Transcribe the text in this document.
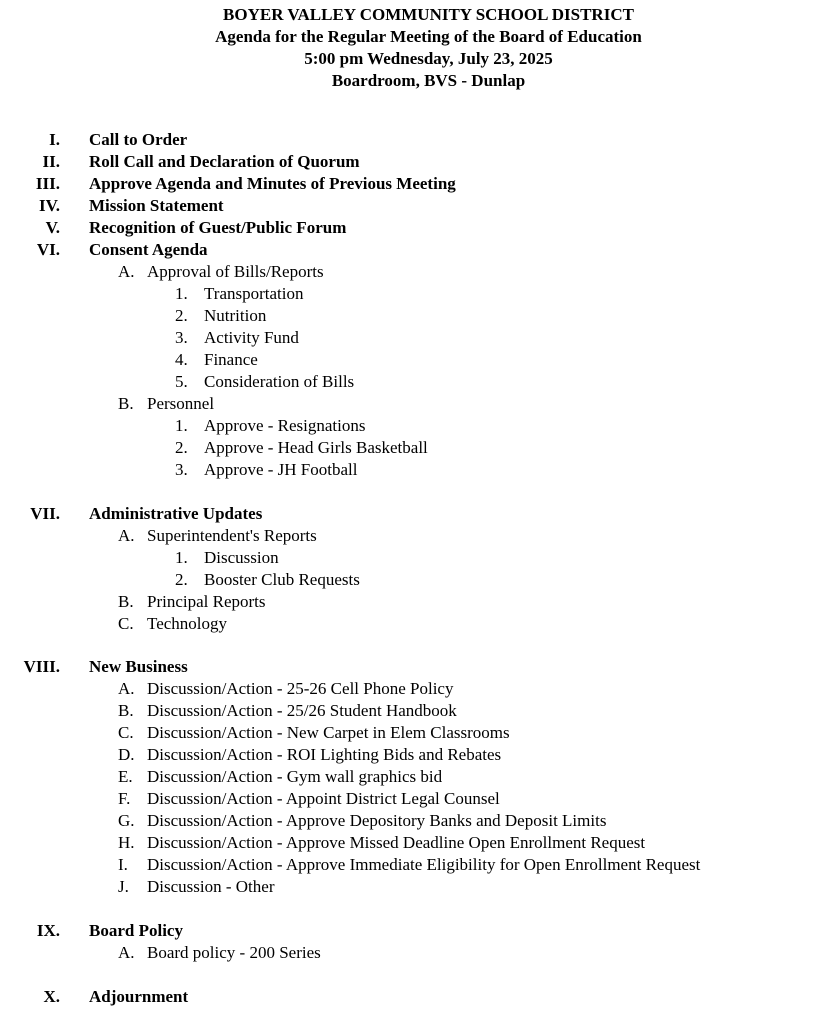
BOYER VALLEY COMMUNITY SCHOOL DISTRICT
Agenda for the Regular Meeting of the Board of Education
5:00 pm Wednesday, July 23, 2025
Boardroom, BVS - Dunlap
I. Call to Order
II. Roll Call and Declaration of Quorum
III. Approve Agenda and Minutes of Previous Meeting
IV. Mission Statement
V. Recognition of Guest/Public Forum
VI. Consent Agenda
A. Approval of Bills/Reports
1. Transportation
2. Nutrition
3. Activity Fund
4. Finance
5. Consideration of Bills
B. Personnel
1. Approve - Resignations
2. Approve - Head Girls Basketball
3. Approve - JH Football
VII. Administrative Updates
A. Superintendent's Reports
1. Discussion
2. Booster Club Requests
B. Principal Reports
C. Technology
VIII. New Business
A. Discussion/Action - 25-26 Cell Phone Policy
B. Discussion/Action - 25/26 Student Handbook
C. Discussion/Action - New Carpet in Elem Classrooms
D. Discussion/Action - ROI Lighting Bids and Rebates
E. Discussion/Action - Gym wall graphics bid
F. Discussion/Action - Appoint District Legal Counsel
G. Discussion/Action - Approve Depository Banks and Deposit Limits
H. Discussion/Action - Approve Missed Deadline Open Enrollment Request
I. Discussion/Action - Approve Immediate Eligibility for Open Enrollment Request
J. Discussion - Other
IX. Board Policy
A. Board policy - 200 Series
X. Adjournment
